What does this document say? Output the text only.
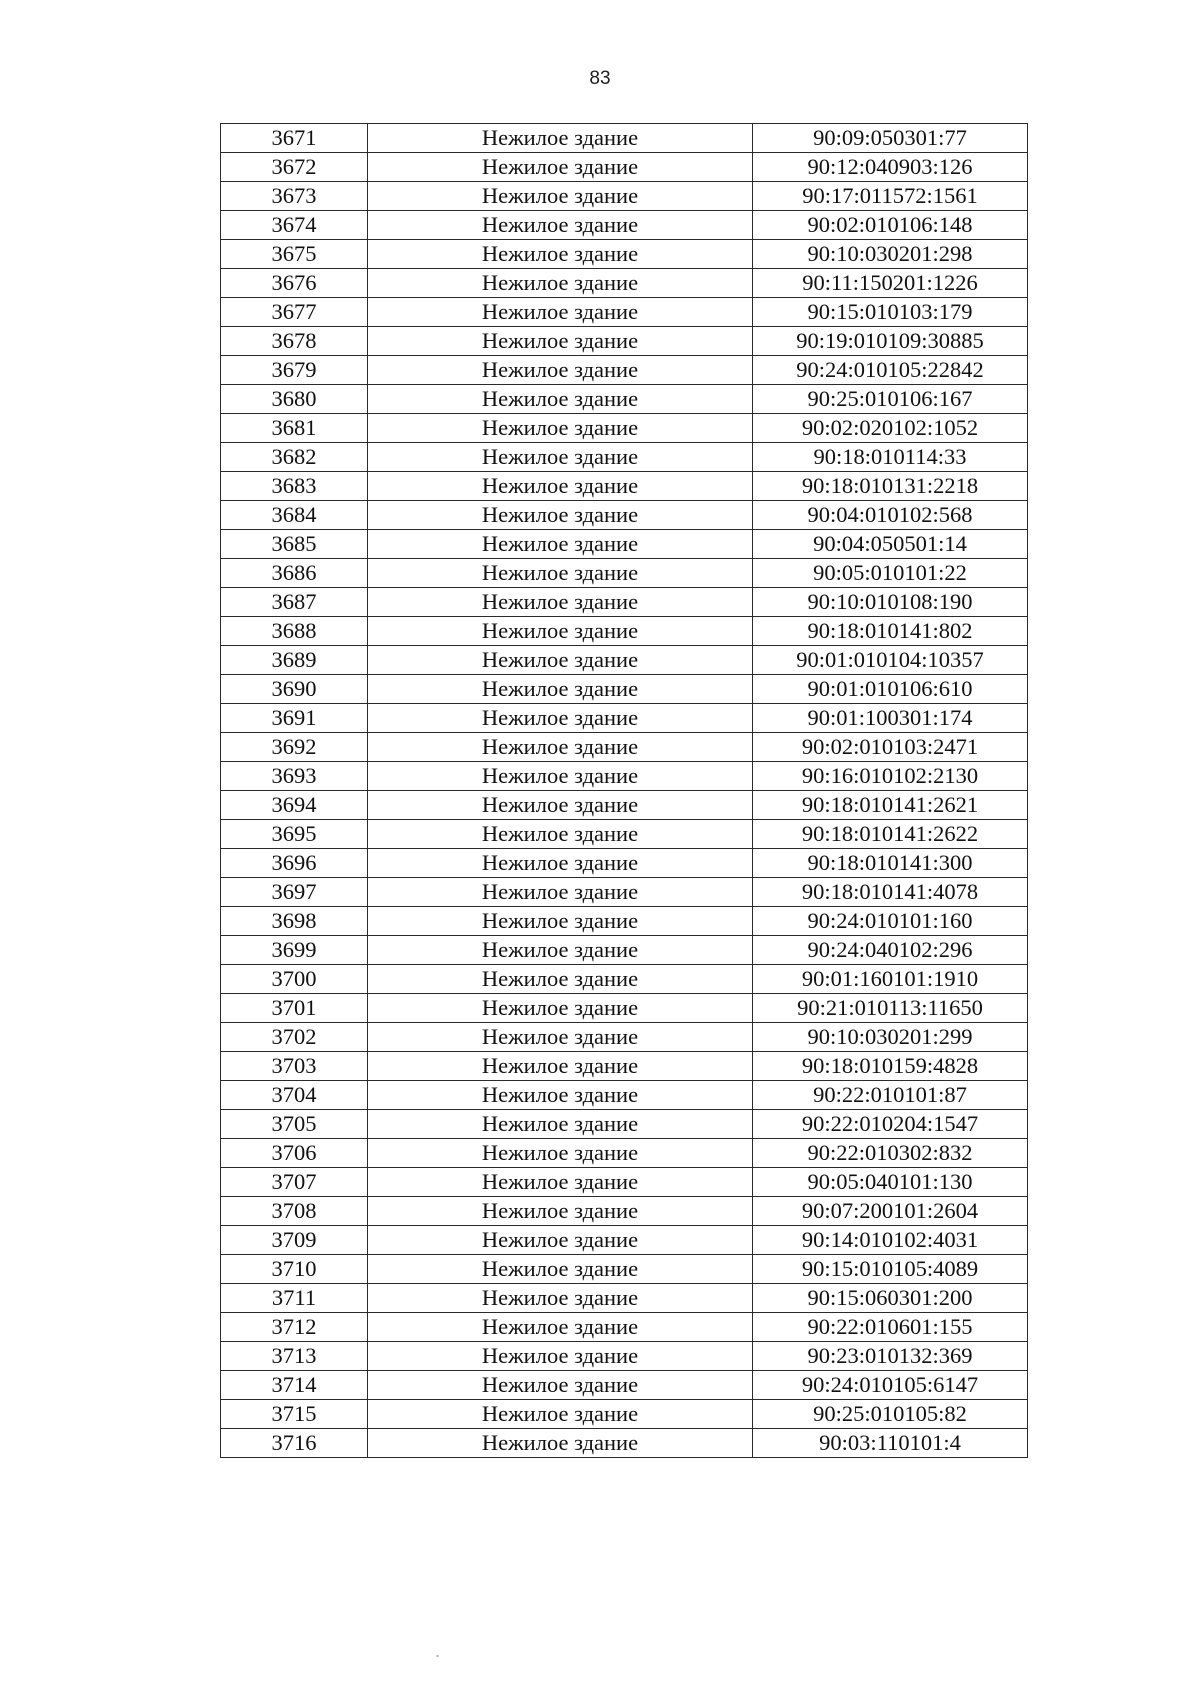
83
3671	Нежилое здание	90:09:050301:77
3672	Нежилое здание	90:12:040903:126
3673	Нежилое здание	90:17:011572:1561
3674	Нежилое здание	90:02:010106:148
3675	Нежилое здание	90:10:030201:298
3676	Нежилое здание	90:11:150201:1226
3677	Нежилое здание	90:15:010103:179
3678	Нежилое здание	90:19:010109:30885
3679	Нежилое здание	90:24:010105:22842
3680	Нежилое здание	90:25:010106:167
3681	Нежилое здание	90:02:020102:1052
3682	Нежилое здание	90:18:010114:33
3683	Нежилое здание	90:18:010131:2218
3684	Нежилое здание	90:04:010102:568
3685	Нежилое здание	90:04:050501:14
3686	Нежилое здание	90:05:010101:22
3687	Нежилое здание	90:10:010108:190
3688	Нежилое здание	90:18:010141:802
3689	Нежилое здание	90:01:010104:10357
3690	Нежилое здание	90:01:010106:610
3691	Нежилое здание	90:01:100301:174
3692	Нежилое здание	90:02:010103:2471
3693	Нежилое здание	90:16:010102:2130
3694	Нежилое здание	90:18:010141:2621
3695	Нежилое здание	90:18:010141:2622
3696	Нежилое здание	90:18:010141:300
3697	Нежилое здание	90:18:010141:4078
3698	Нежилое здание	90:24:010101:160
3699	Нежилое здание	90:24:040102:296
3700	Нежилое здание	90:01:160101:1910
3701	Нежилое здание	90:21:010113:11650
3702	Нежилое здание	90:10:030201:299
3703	Нежилое здание	90:18:010159:4828
3704	Нежилое здание	90:22:010101:87
3705	Нежилое здание	90:22:010204:1547
3706	Нежилое здание	90:22:010302:832
3707	Нежилое здание	90:05:040101:130
3708	Нежилое здание	90:07:200101:2604
3709	Нежилое здание	90:14:010102:4031
3710	Нежилое здание	90:15:010105:4089
3711	Нежилое здание	90:15:060301:200
3712	Нежилое здание	90:22:010601:155
3713	Нежилое здание	90:23:010132:369
3714	Нежилое здание	90:24:010105:6147
3715	Нежилое здание	90:25:010105:82
3716	Нежилое здание	90:03:110101:4
